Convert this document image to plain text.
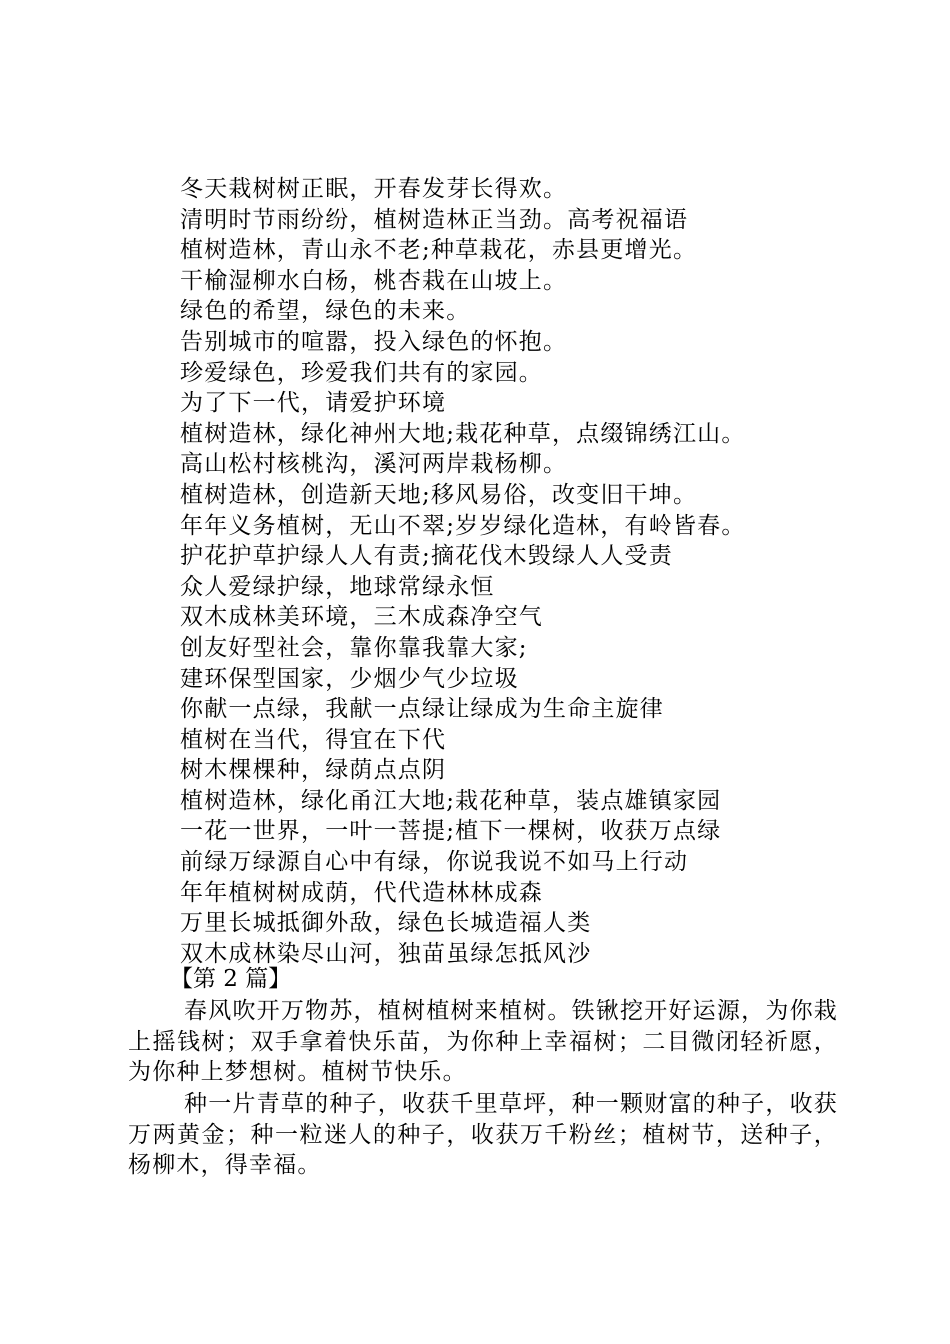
冬天栽树树正眠，开春发芽长得欢。
清明时节雨纷纷，植树造林正当劲。高考祝福语
植树造林，青山永不老;种草栽花，赤县更增光。
干榆湿柳水白杨，桃杏栽在山坡上。
绿色的希望，绿色的未来。
告别城市的喧嚣，投入绿色的怀抱。
珍爱绿色，珍爱我们共有的家园。
为了下一代，请爱护环境
植树造林，绿化神州大地;栽花种草，点缀锦绣江山。
高山松村核桃沟，溪河两岸栽杨柳。
植树造林，创造新天地;移风易俗，改变旧干坤。
年年义务植树，无山不翠;岁岁绿化造林，有岭皆春。
护花护草护绿人人有责;摘花伐木毁绿人人受责
众人爱绿护绿，地球常绿永恒
双木成林美环境，三木成森净空气
创友好型社会，靠你靠我靠大家;
建环保型国家，少烟少气少垃圾
你献一点绿，我献一点绿让绿成为生命主旋律
植树在当代，得宜在下代
树木棵棵种，绿荫点点阴
植树造林，绿化甬江大地;栽花种草，装点雄镇家园
一花一世界，一叶一菩提;植下一棵树，收获万点绿
前绿万绿源自心中有绿，你说我说不如马上行动
年年植树树成荫，代代造林林成森
万里长城抵御外敌，绿色长城造福人类
双木成林染尽山河，独苗虽绿怎抵风沙
【第 2 篇】

春风吹开万物苏，植树植树来植树。铁锹挖开好运源，为你栽上摇钱树；双手拿着快乐苗，为你种上幸福树；二目微闭轻祈愿，为你种上梦想树。植树节快乐。

种一片青草的种子，收获千里草坪，种一颗财富的种子，收获万两黄金；种一粒迷人的种子，收获万千粉丝；植树节，送种子，杨柳木，得幸福。
